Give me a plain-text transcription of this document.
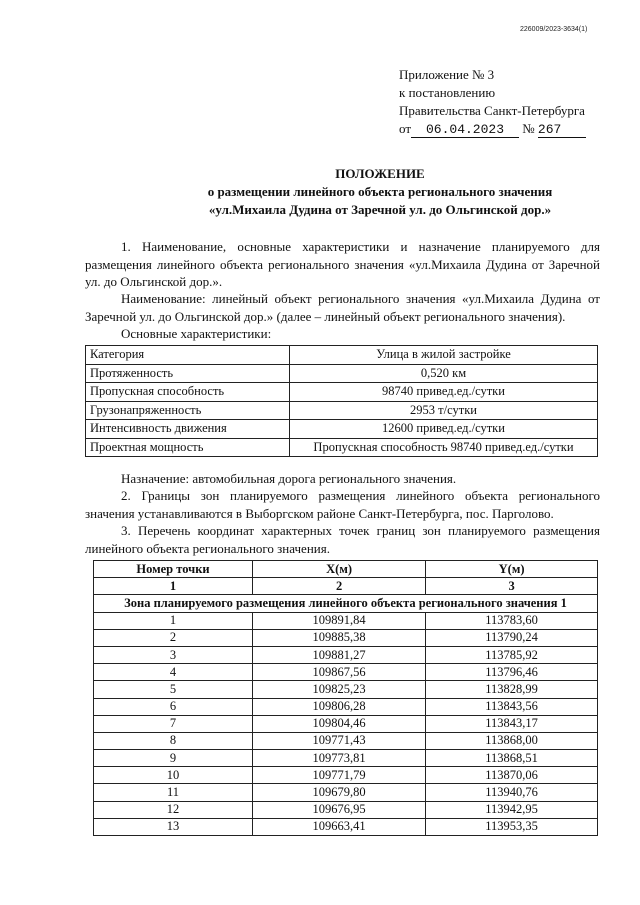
226009/2023-3634(1)
Приложение № 3
к постановлению
Правительства Санкт-Петербурга
от 06.04.2023 № 267
ПОЛОЖЕНИЕ
о размещении линейного объекта регионального значения
«ул.Михаила Дудина от Заречной ул. до Ольгинской дор.»
1. Наименование, основные характеристики и назначение планируемого для размещения линейного объекта регионального значения «ул.Михаила Дудина от Заречной ул. до Ольгинской дор.».
Наименование: линейный объект регионального значения «ул.Михаила Дудина от Заречной ул. до Ольгинской дор.» (далее – линейный объект регионального значения).
Основные характеристики:
Категория	Улица в жилой застройке
Протяженность	0,520 км
Пропускная способность	98740 привед.ед./сутки
Грузонапряженность	2953 т/сутки
Интенсивность движения	12600 привед.ед./сутки
Проектная мощность	Пропускная способность 98740 привед.ед./сутки
Назначение: автомобильная дорога регионального значения.
2. Границы зон планируемого размещения линейного объекта регионального значения устанавливаются в Выборгском районе Санкт-Петербурга, пос. Парголово.
3. Перечень координат характерных точек границ зон планируемого размещения линейного объекта регионального значения.
Номер точки	X(м)	Y(м)
1	2	3
Зона планируемого размещения линейного объекта регионального значения 1		
1	109891,84	113783,60
2	109885,38	113790,24
3	109881,27	113785,92
4	109867,56	113796,46
5	109825,23	113828,99
6	109806,28	113843,56
7	109804,46	113843,17
8	109771,43	113868,00
9	109773,81	113868,51
10	109771,79	113870,06
11	109679,80	113940,76
12	109676,95	113942,95
13	109663,41	113953,35
